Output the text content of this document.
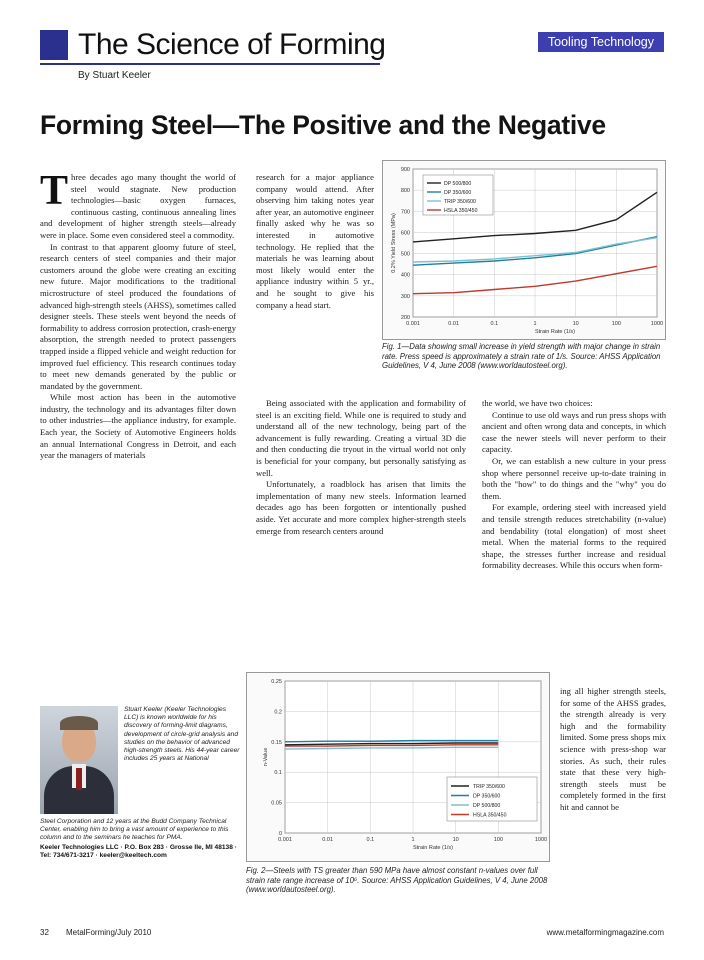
The Science of Forming	Tooling Technology
By Stuart Keeler
Forming Steel—The Positive and the Negative

Three decades ago many thought the world of steel would stagnate. New production technologies—basic oxygen furnaces, continuous casting, continuous annealing lines and development of higher strength steels—already were in place. Some even considered steel a commodity.

In contrast to that apparent gloomy future of steel, research centers of steel companies and their major customers around the globe were creating an exciting new future. Major modifications to the traditional microstructure of steel produced the foundations of advanced high-strength steels (AHSS), sometimes called designer steels. These steels went beyond the needs of formability to address corrosion protection, crash-energy absorption, the strength needed to protect passengers trapped inside a flipped vehicle and weight reduction for improved fuel efficiency. This research continues today to meet new demands generated by the public or mandated by the government.

While most action has been in the automotive industry, the technology and its advantages filter down to other industries—the appliance industry, for example. Each year, the Society of Automotive Engineers holds an annual International Congress in Detroit, and each year the managers of materials

research for a major appliance company would attend. After observing him taking notes year after year, an automotive engineer finally asked why he was so interested in automotive technology. He replied that the materials he was learning about most likely would enter the appliance industry within 5 yr., and he sought to give his company a head start.

Being associated with the application and formability of steel is an exciting field. While one is required to study and understand all of the new technology, being part of the advancement is fully rewarding. Creating a virtual 3D die and then conducting die tryout in the virtual world not only is beneficial for your company, but personally satisfying as well.

Unfortunately, a roadblock has arisen that limits the implementation of many new steels. Information learned decades ago has been forgotten or intentionally pushed aside. Yet accurate and more complex higher-strength steels emerge from research centers around

900
800
700
600
500
400
300
200
0.001	0.01	0.1	1	10	100	1000
Strain Rate (1/s)
0.2% Yield Stress (MPa)
DP 500/800
DP 350/600
TRIP 350/600
HSLA 350/450
Fig. 1—Data showing small increase in yield strength with major change in strain rate. Press speed is approximately a strain rate of 1/s. Source: AHSS Application Guidelines, V 4, June 2008 (www.worldautosteel.org).

the world, we have two choices:

Continue to use old ways and run press shops with ancient and often wrong data and concepts, in which case the newer steels will never perform to their capacity.

Or, we can establish a new culture in your press shop where personnel receive up-to-date training in both the "how" to do things and the "why" you do them.

For example, ordering steel with increased yield and tensile strength reduces stretchability (n-value) and bendability (total elongation) of most sheet metal. When the material forms to the required shape, the stresses further increase and residual formability decreases. While this occurs when form-

ing all higher strength steels, for some of the AHSS grades, the strength already is very high and the formability limited. Some press shops mix science with press-shop war stories. As such, their rules state that these very high-strength steels must be completely formed in the first hit and cannot be

0.25
0.2
0.15
0.1
0.05
0
0.001	0.01	0.1	1	10	100	1000
Strain Rate (1/s)
n-Value
TRIP 350/600
DP 350/600
DP 500/800
HSLA 350/450
Fig. 2—Steels with TS greater than 590 MPa have almost constant n-values over full strain rate range increase of 10⁶. Source: AHSS Application Guidelines, V 4, June 2008 (www.worldautosteel.org).
Stuart Keeler (Keeler Technologies LLC) is known worldwide for his discovery of forming-limit diagrams, development of circle-grid analysis and studies on the behavior of advanced high-strength steels. His 44-year career includes 25 years at National
Steel Corporation and 12 years at the Budd Company Technical Center, enabling him to bring a vast amount of experience to this column and to the seminars he teaches for PMA.
Keeler Technologies LLC · P.O. Box 283 · Grosse Ile, MI 48138 · Tel: 734/671-3217 · keeler@keeltech.com
32 MetalForming/July 2010	www.metalformingmagazine.com
